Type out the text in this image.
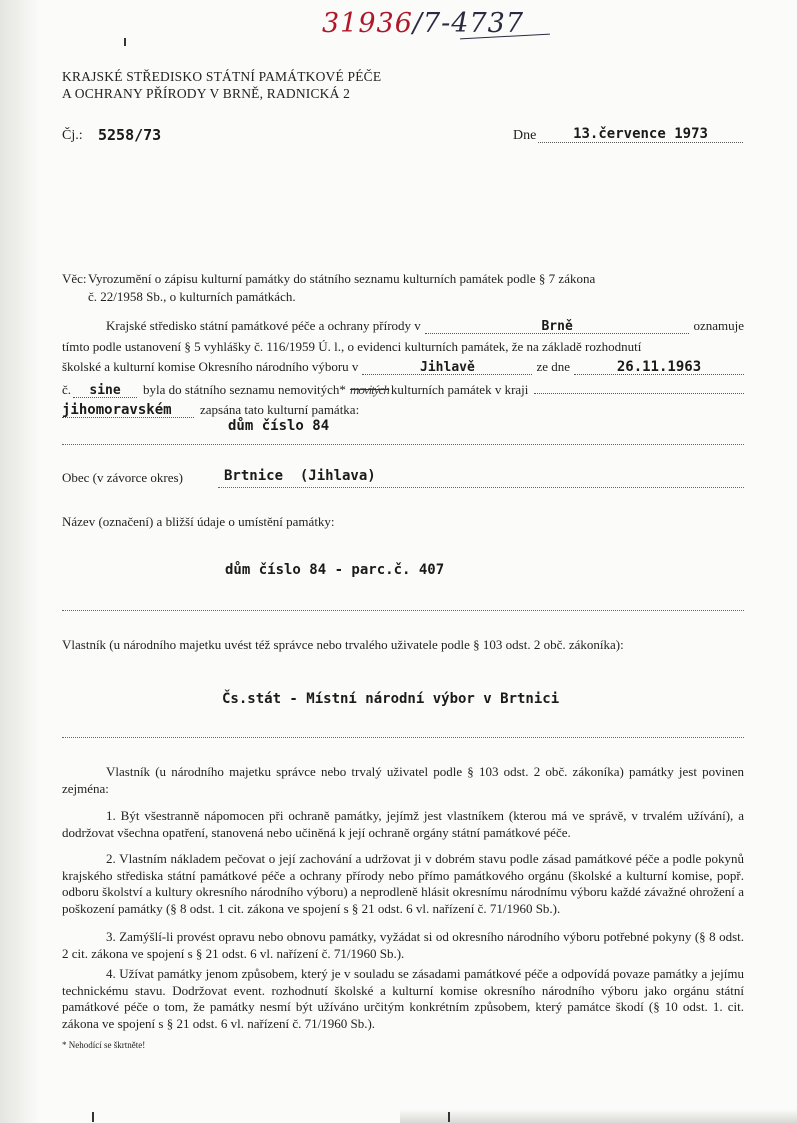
31936/7-4737
KRAJSKÉ STŘEDISKO STÁTNÍ PAMÁTKOVÉ PÉČE
A OCHRANY PŘÍRODY V BRNĚ, RADNICKÁ 2
Čj.: 5258/73	Dne	13.července 1973
Věc:Vyrozumění o zápisu kulturní památky do státního seznamu kulturních památek podle § 7 zákona
č. 22/1958 Sb., o kulturních památkách.
Krajské středisko státní památkové péče a ochrany přírody v	Brně	oznamuje
tímto podle ustanovení § 5 vyhlášky č. 116/1959 Ú. l., o evidenci kulturních památek, že na základě rozhodnutí
školské a kulturní komise Okresního národního výboru v	Jihlavě	ze dne	26.11.1963
č.	sine	byla do státního seznamu nemovitých* movitých kulturních památek v kraji
jihomoravském	zapsána tato kulturní památka:
dům číslo 84
Obec (v závorce okres)	Brtnice  (Jihlava)
Název (označení) a bližší údaje o umístění památky:
dům číslo 84 - parc.č. 407
Vlastník (u národního majetku uvést též správce nebo trvalého uživatele podle § 103 odst. 2 obč. zákoníka):
Čs.stát - Místní národní výbor v Brtnici
Vlastník (u národního majetku správce nebo trvalý uživatel podle § 103 odst. 2 obč. zákoníka) památky jest povinen zejména:
1. Být všestranně nápomocen při ochraně památky, jejímž jest vlastníkem (kterou má ve správě, v trvalém užívání), a dodržovat všechna opatření, stanovená nebo učiněná k její ochraně orgány státní památkové péče.
2. Vlastním nákladem pečovat o její zachování a udržovat ji v dobrém stavu podle zásad památkové péče a podle pokynů krajského střediska státní památkové péče a ochrany přírody nebo přímo památkového orgánu (školské a kulturní komise, popř. odboru školství a kultury okresního národního výboru) a neprodleně hlásit okresnímu národnímu výboru každé závažné ohrožení a poškození památky (§ 8 odst. 1 cit. zákona ve spojení s § 21 odst. 6 vl. nařízení č. 71/1960 Sb.).
3. Zamýšlí-li provést opravu nebo obnovu památky, vyžádat si od okresního národního výboru potřebné pokyny (§ 8 odst. 2 cit. zákona ve spojení s § 21 odst. 6 vl. nařízení č. 71/1960 Sb.).
4. Užívat památky jenom způsobem, který je v souladu se zásadami památkové péče a odpovídá povaze památky a jejímu technickému stavu. Dodržovat event. rozhodnutí školské a kulturní komise okresního národního výboru jako orgánu státní památkové péče o tom, že památky nesmí být užíváno určitým konkrétním způsobem, který památce škodí (§ 10 odst. 1. cit. zákona ve spojení s § 21 odst. 6 vl. nařízení č. 71/1960 Sb.).
* Nehodící se škrtněte!
